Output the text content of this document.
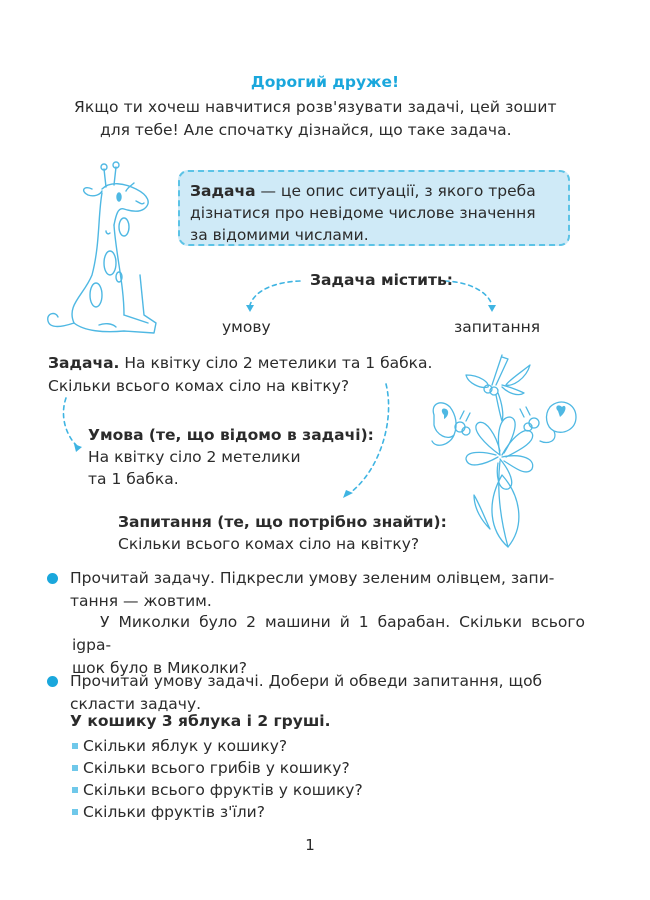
Дорогий друже!
Якщо ти хочеш навчитися розв'язувати задачі, цей зошит
для тебе! Але спочатку дізнайся, що таке задача.
Задача — це опис ситуації, з якого треба
дізнатися про невідоме числове значення
за відомими числами.
Задача містить:
умову	запитання
Задача. На квітку сіло 2 метелики та 1 бабка.
Скільки всього комах сіло на квітку?
Умова (те, що відомо в задачі):
На квітку сіло 2 метелики
та 1 бабка.
Запитання (те, що потрібно знайти):
Скільки всього комах сіло на квітку?
Прочитай задачу. Підкресли умову зеленим олівцем, запи-
тання — жовтим.
У Миколки було 2 машини й 1 барабан. Скільки всього igра-
шок було в Миколки?
Прочитай умову задачі. Добери й обведи запитання, щоб
скласти задачу.
У кошику 3 яблука і 2 груші.
Скільки яблук у кошику?
Скільки всього грибів у кошику?
Скільки всього фруктів у кошику?
Скільки фруктів з'їли?
1
